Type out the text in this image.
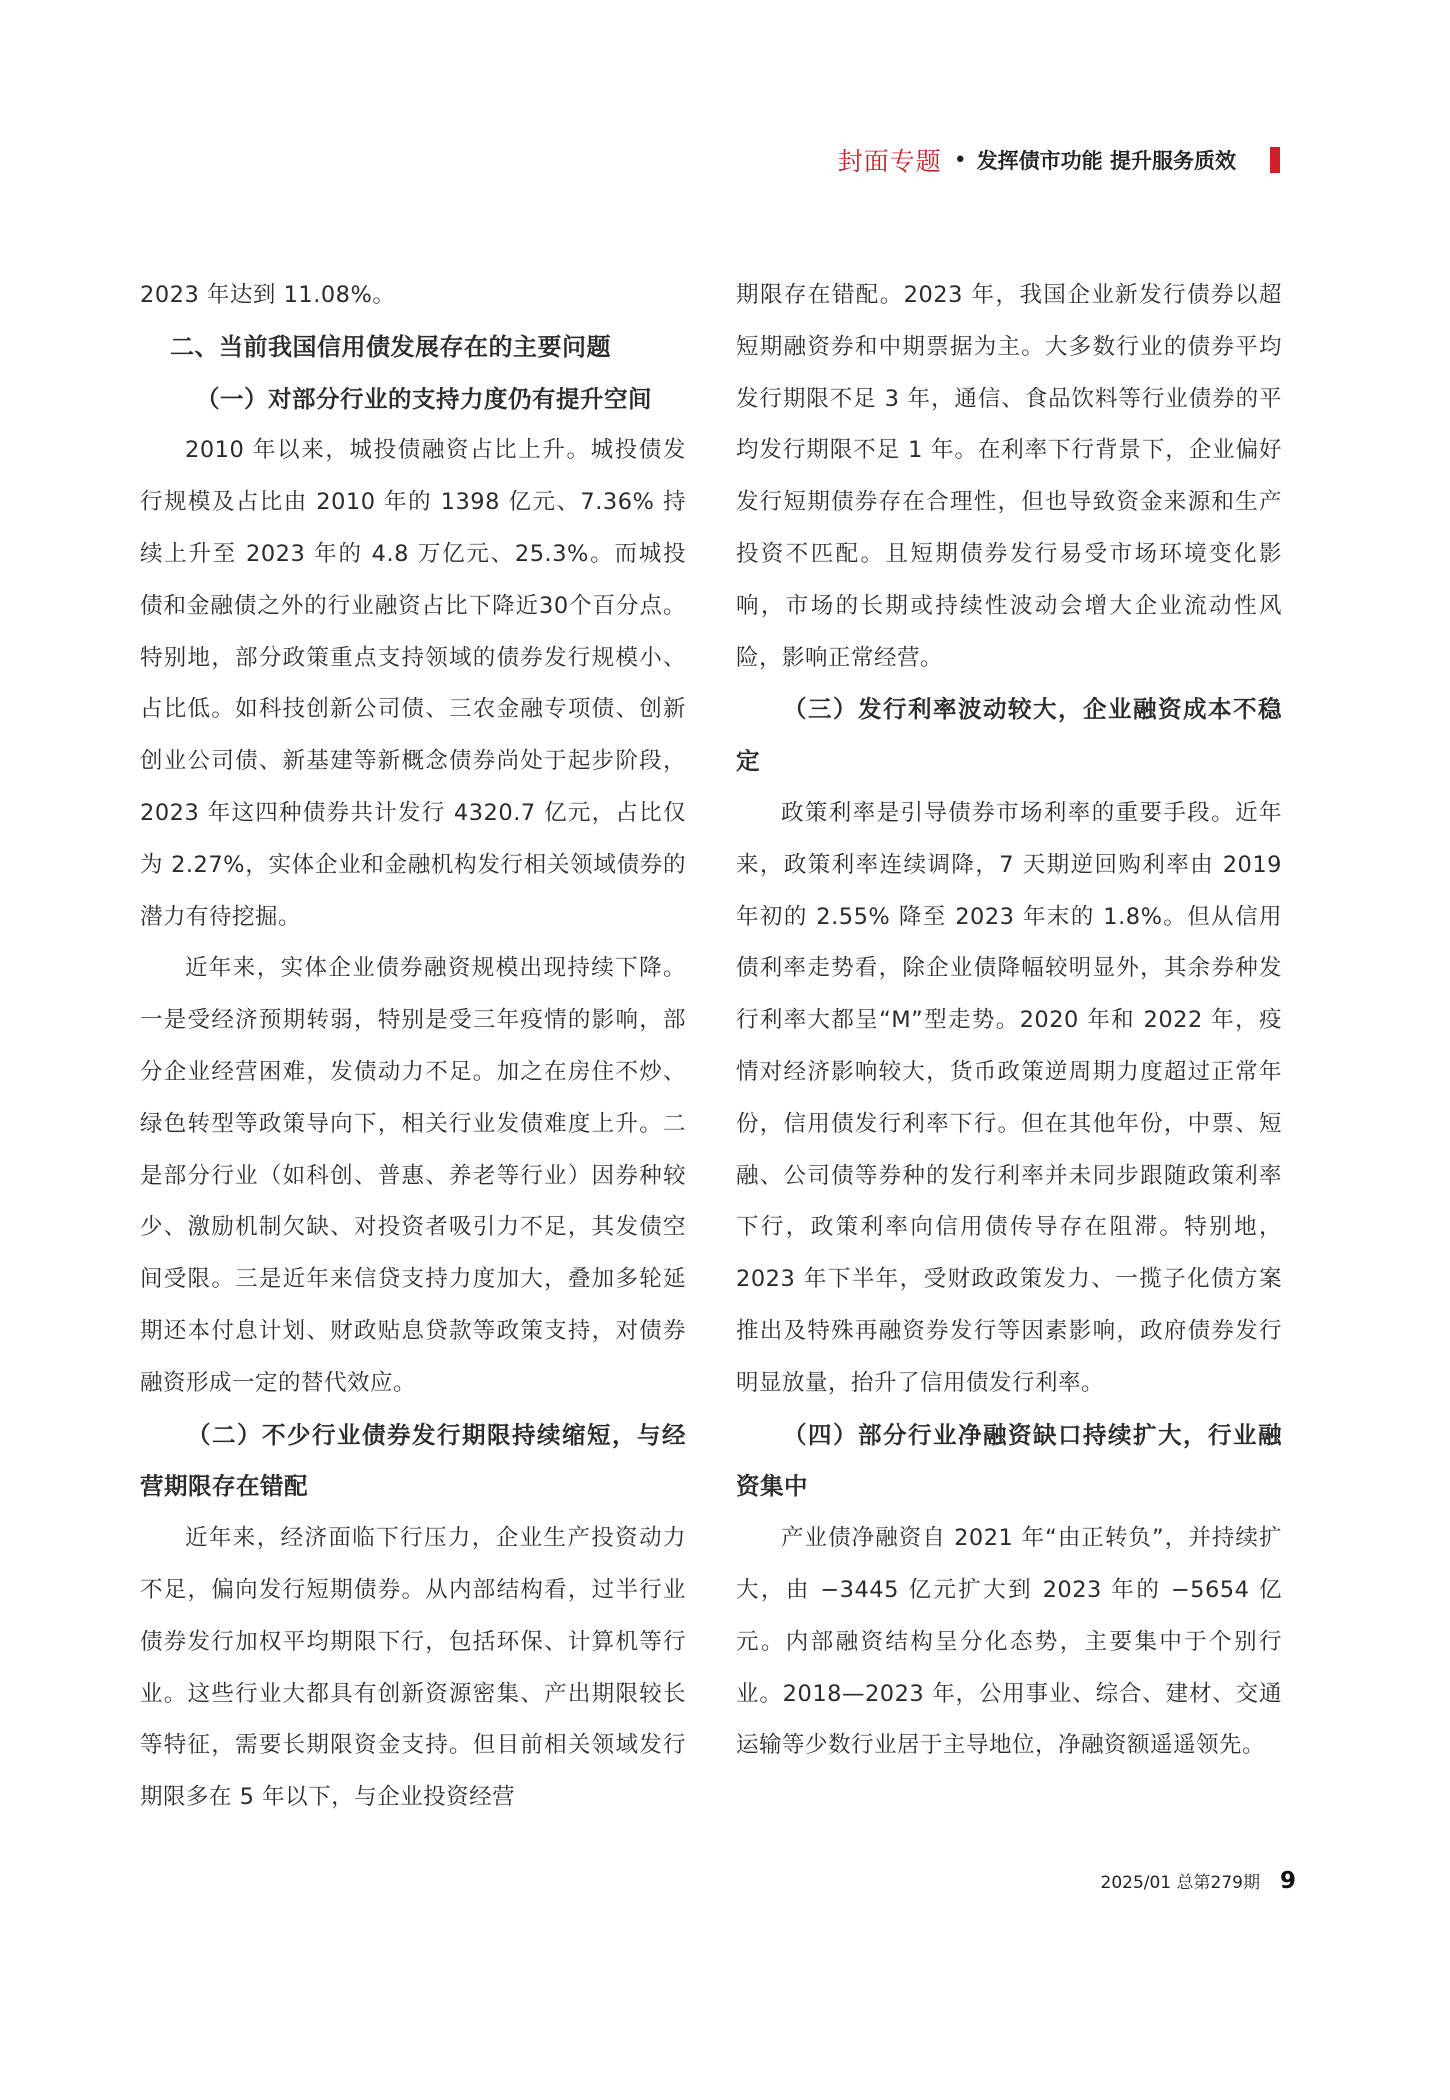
封面专题 • 发挥债市功能 提升服务质效

2023 年达到 11.08%。

二、当前我国信用债发展存在的主要问题

（一）对部分行业的支持力度仍有提升空间

2010 年以来，城投债融资占比上升。城投债发行规模及占比由 2010 年的 1398 亿元、7.36% 持续上升至 2023 年的 4.8 万亿元、25.3%。而城投债和金融债之外的行业融资占比下降近30个百分点。特别地，部分政策重点支持领域的债券发行规模小、占比低。如科技创新公司债、三农金融专项债、创新创业公司债、新基建等新概念债券尚处于起步阶段，2023 年这四种债券共计发行 4320.7 亿元，占比仅为 2.27%，实体企业和金融机构发行相关领域债券的潜力有待挖掘。

近年来，实体企业债券融资规模出现持续下降。一是受经济预期转弱，特别是受三年疫情的影响，部分企业经营困难，发债动力不足。加之在房住不炒、绿色转型等政策导向下，相关行业发债难度上升。二是部分行业（如科创、普惠、养老等行业）因券种较少、激励机制欠缺、对投资者吸引力不足，其发债空间受限。三是近年来信贷支持力度加大，叠加多轮延期还本付息计划、财政贴息贷款等政策支持，对债券融资形成一定的替代效应。

（二）不少行业债券发行期限持续缩短，与经营期限存在错配

近年来，经济面临下行压力，企业生产投资动力不足，偏向发行短期债券。从内部结构看，过半行业债券发行加权平均期限下行，包括环保、计算机等行业。这些行业大都具有创新资源密集、产出期限较长等特征，需要长期限资金支持。但目前相关领域发行期限多在 5 年以下，与企业投资经营

期限存在错配。2023 年，我国企业新发行债券以超短期融资券和中期票据为主。大多数行业的债券平均发行期限不足 3 年，通信、食品饮料等行业债券的平均发行期限不足 1 年。在利率下行背景下，企业偏好发行短期债券存在合理性，但也导致资金来源和生产投资不匹配。且短期债券发行易受市场环境变化影响，市场的长期或持续性波动会增大企业流动性风险，影响正常经营。

（三）发行利率波动较大，企业融资成本不稳定

政策利率是引导债券市场利率的重要手段。近年来，政策利率连续调降，7 天期逆回购利率由 2019 年初的 2.55% 降至 2023 年末的 1.8%。但从信用债利率走势看，除企业债降幅较明显外，其余券种发行利率大都呈“M”型走势。2020 年和 2022 年，疫情对经济影响较大，货币政策逆周期力度超过正常年份，信用债发行利率下行。但在其他年份，中票、短融、公司债等券种的发行利率并未同步跟随政策利率下行，政策利率向信用债传导存在阻滞。特别地，2023 年下半年，受财政政策发力、一揽子化债方案推出及特殊再融资券发行等因素影响，政府债券发行明显放量，抬升了信用债发行利率。

（四）部分行业净融资缺口持续扩大，行业融资集中

产业债净融资自 2021 年“由正转负”，并持续扩大，由 −3445 亿元扩大到 2023 年的 −5654 亿元。内部融资结构呈分化态势，主要集中于个别行业。2018—2023 年，公用事业、综合、建材、交通运输等少数行业居于主导地位，净融资额遥遥领先。

2025/01 总第279期 9
